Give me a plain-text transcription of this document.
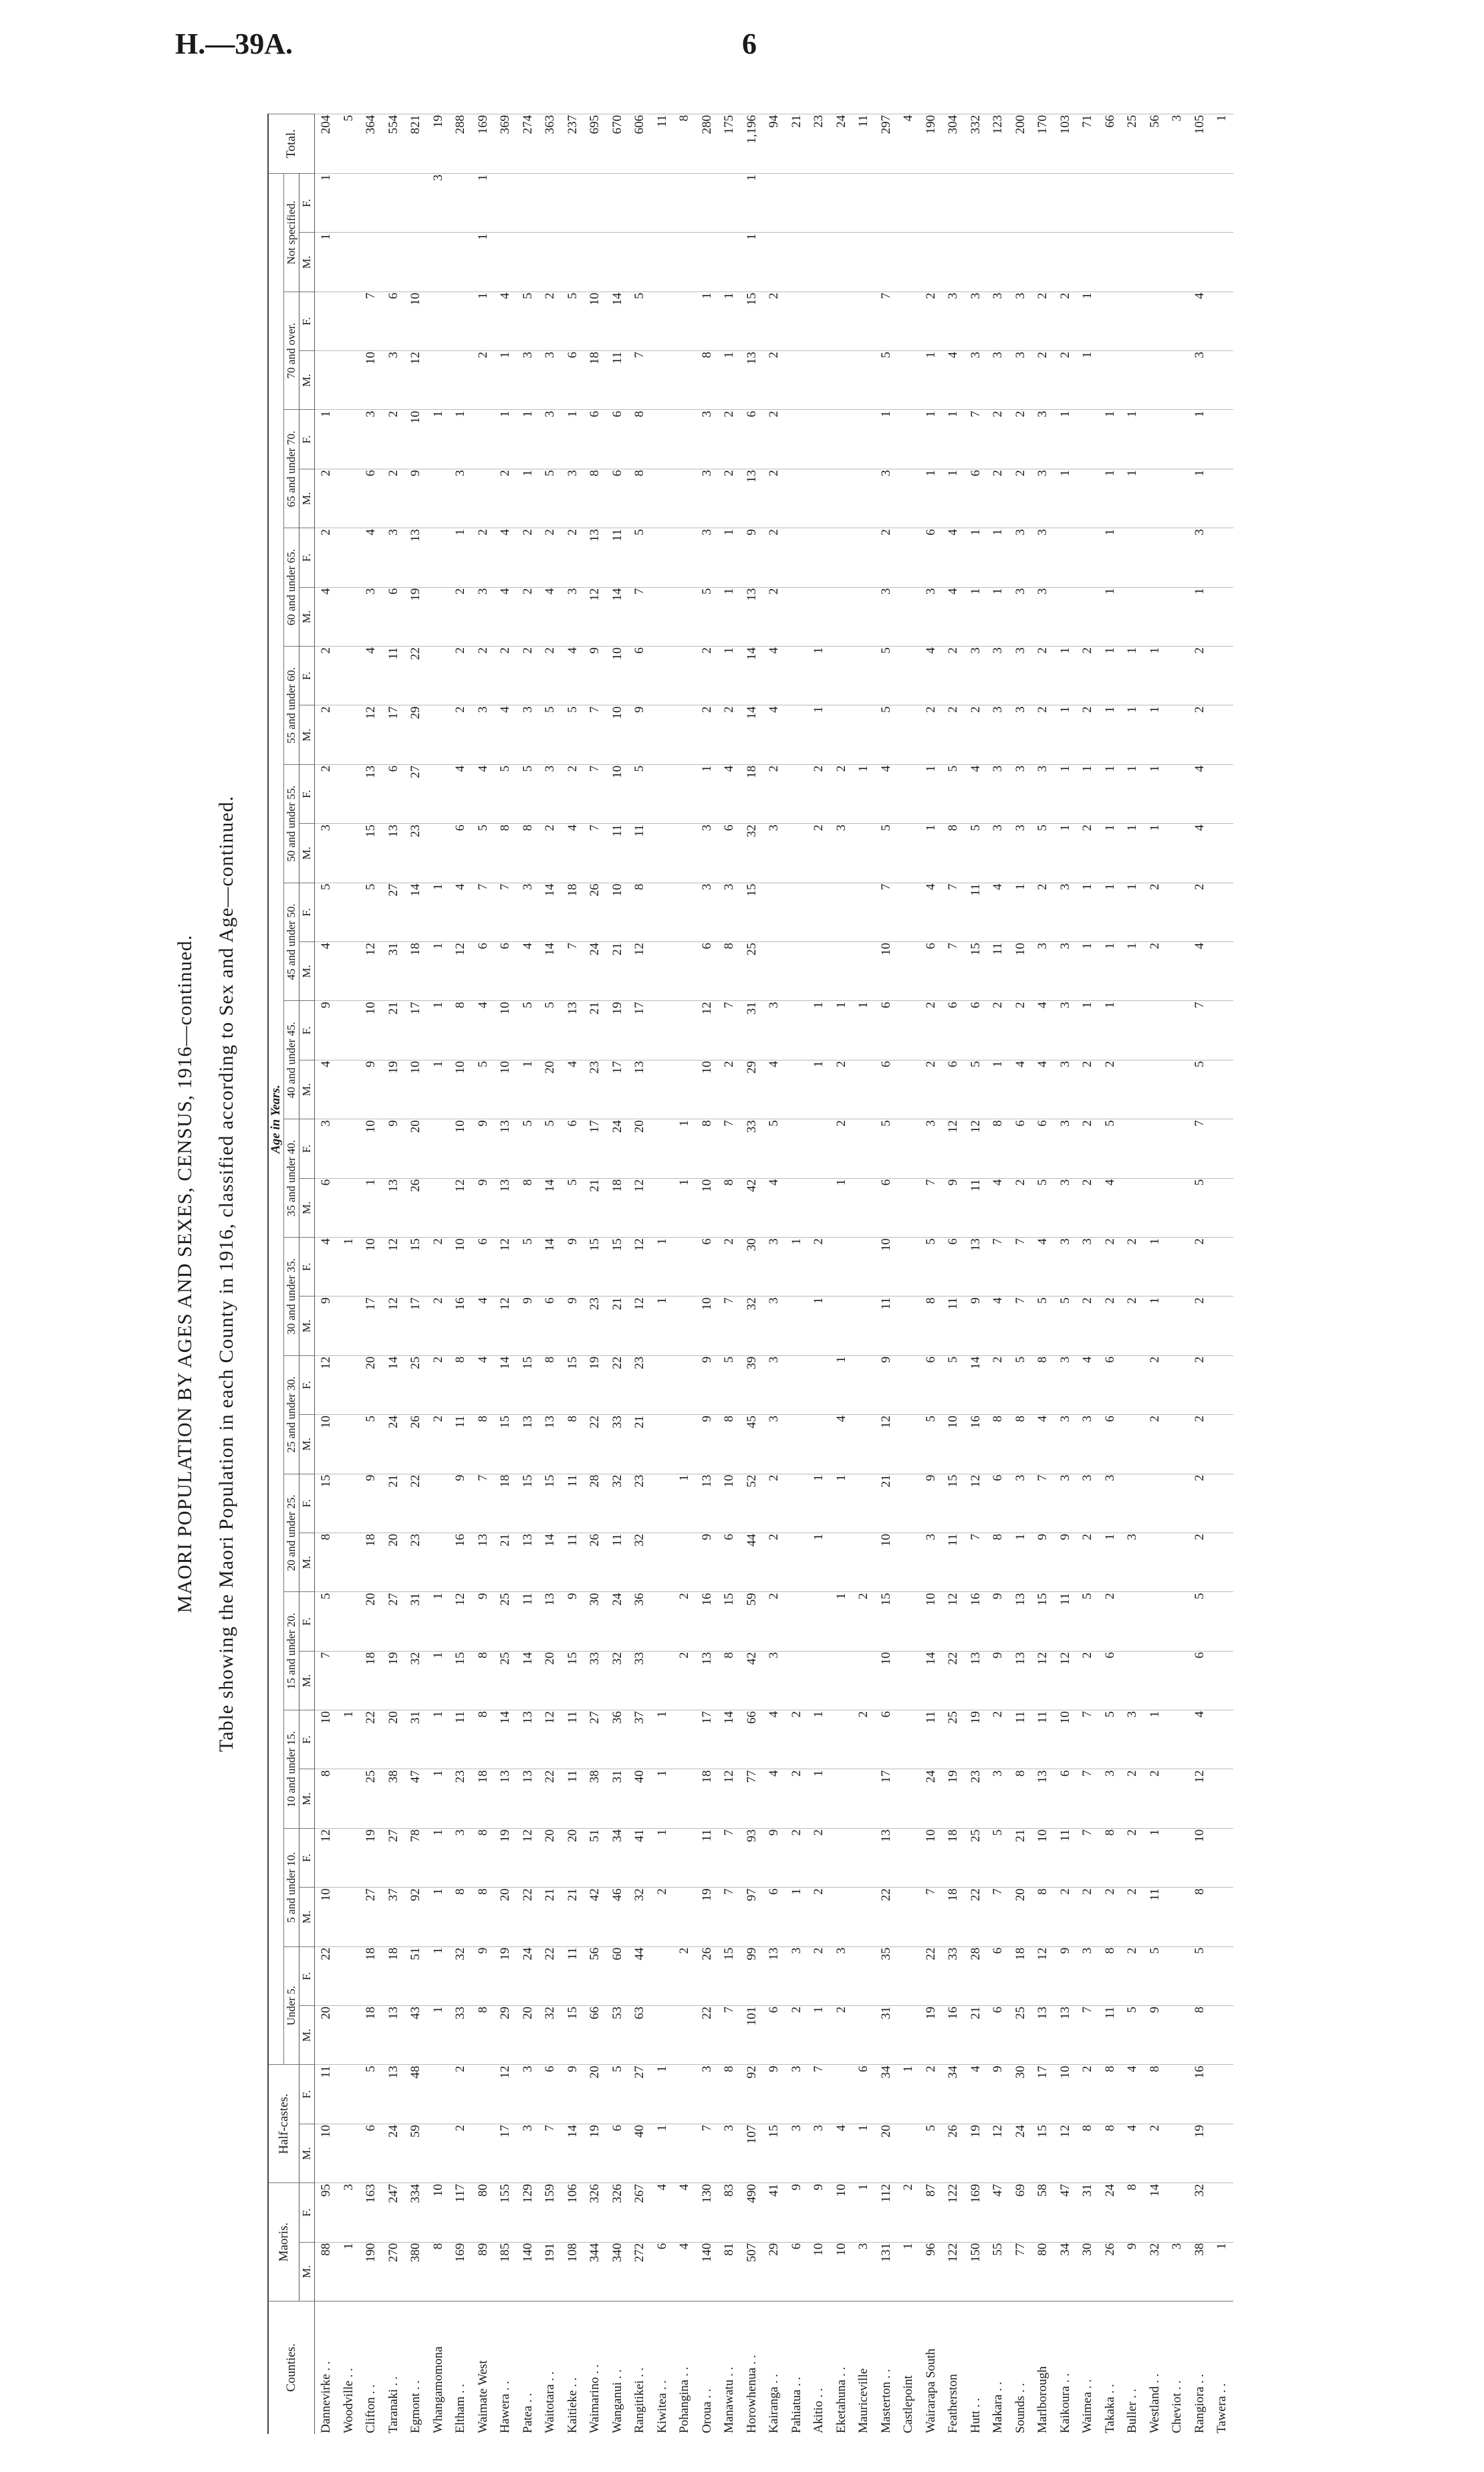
H.—39A.	6
MAORI POPULATION BY AGES AND SEXES, CENSUS, 1916—continued. Table showing the Maori Population in each County in 1916, classified according to Sex and Age—continued.
Counties.	Maoris.		Half-castes.		Age in Years.																																Total.
					Under 5.		5 and under 10.		10 and under 15.		15 and under 20.		20 and under 25.		25 and under 30.		30 and under 35.		35 and under 40.		40 and under 45.		45 and under 50.		50 and under 55.		55 and under 60.		60 and under 65.		65 and under 70.		70 and over.		Not specified.		
	M.	F.	M.	F.	M.	F.	M.	F.	M.	F.	M.	F.	M.	F.	M.	F.	M.	F.	M.	F.	M.	F.	M.	F.	M.	F.	M.	F.	M.	F.	M.	F.	M.	F.	M.	F.	
Dannevirke . .	88	95	10	11	20	22	10	12	8	10	7	5	8	15	10	12	9	4	6	3	4	9	4	5	3	2	2	2	4	2	2	1			1	1	204
Woodville . .	1	3								1								1																			5
Clifton . .	190	163	6	5	18	18	27	19	25	22	18	20	18	9	5	20	17	10	1	10	9	10	12	5	15	13	12	4	3	4	6	3	10	7			364
Taranaki . .	270	247	24	13	13	18	37	27	38	20	19	27	20	21	24	14	12	12	13	9	19	21	31	27	13	6	17	11	6	3	2	2	3	6			554
Egmont . .	380	334	59	48	43	51	92	78	47	31	32	31	23	22	26	25	17	15	26	20	10	17	18	14	23	27	29	22	19	13	9	10	12	10			821
Whangamomona	8	10			1	1	1	1	1	1	1	1			2	2	2	2			1	1	1	1								1				3	19
Eltham . .	169	117	2	2	33	32	8	3	23	11	15	12	16	9	11	8	16	10	12	10	10	8	12	4	6	4	2	2	2	1	3	1					288
Waimate West	89	80			8	9	8	8	18	8	8	9	13	7	8	4	4	6	9	9	5	4	6	7	5	4	3	2	3	2			2	1	1	1	169
Hawera . .	185	155	17	12	29	19	20	19	13	14	25	25	21	18	15	14	12	12	13	13	10	10	6	7	8	5	4	2	4	4	2	1	1	4			369
Patea . .	140	129	3	3	20	24	22	12	13	13	14	11	13	15	13	15	9	5	8	5	1	5	4	3	8	5	3	2	2	2	1	1	3	5			274
Waitotara . .	191	159	7	6	32	22	21	20	22	12	20	13	14	15	13	8	6	14	14	5	20	5	14	14	2	3	5	2	4	2	5	3	3	2			363
Kaitieke . .	108	106	14	9	15	11	21	20	11	11	15	9	11	11	8	15	9	9	5	6	4	13	7	18	4	2	5	4	3	2	3	1	6	5			237
Waimarino . .	344	326	19	20	66	56	42	51	38	27	33	30	26	28	22	19	23	15	21	17	23	21	24	26	7	7	7	9	12	13	8	6	18	10			695
Wanganui . .	340	326	6	5	53	60	46	34	31	36	32	24	11	32	33	22	21	15	18	24	17	19	21	10	11	10	10	10	14	11	6	6	11	14			670
Rangitikei . .	272	267	40	27	63	44	32	41	40	37	33	36	32	23	21	23	12	12	12	20	13	17	12	8	11	5	9	6	7	5	8	8	7	5			606
Kiwitea . .	6	4	1	1			2	1	1	1							1	1																			11
Pohangina . .	4	4				2					2	2		1					1	1																	8
Oroua . .	140	130	7	3	22	26	19	11	18	17	13	16	9	13	9	9	10	6	10	8	10	12	6	3	3	1	2	2	5	3	3	3	8	1			280
Manawatu . .	81	83	3	8	7	15	7	7	12	14	8	15	6	10	8	5	7	2	8	7	2	7	8	3	6	4	2	1	1	1	2	2	1	1			175
Horowhenua . .	507	490	107	92	101	99	97	93	77	66	42	59	44	52	45	39	32	30	42	33	29	31	25	15	32	18	14	14	13	9	13	6	13	15	1	1	1,196
Kairanga . .	29	41	15	9	6	13	6	9	4	4	3	2	2	2	3	3	3	3	4	5	4	3			3	2	4	4	2	2	2	2	2	2			94
Pahiatua . .	6	9	3	3	2	3	1	2	2	2								1																			21
Akitio . .	10	9	3	7	1	2	2	2	1	1			1	1			1	2			1	1			2	2	1	1									23
Eketahuna . .	10	10	4		2	3						1		1	4	1			1	2	2	1			3	2											24
Mauriceville	3	1	1	6						2		2										1				1											11
Masterton . .	131	112	20	34	31	35	22	13	17	6	10	15	10	21	12	9	11	10	6	5	6	6	10	7	5	4	5	5	3	2	3	1	5	7			297
Castlepoint	1	2		1																																	4
Wairarapa South	96	87	5	2	19	22	7	10	24	11	14	10	3	9	5	6	8	5	7	3	2	2	6	4	1	1	2	4	3	6	1	1	1	2			190
Featherston	122	122	26	34	16	33	18	18	19	25	22	12	11	15	10	5	11	6	9	12	6	6	7	7	8	5	2	2	4	4	1	1	4	3			304
Hutt . .	150	169	19	4	21	28	22	25	23	19	13	16	7	12	16	14	9	13	11	12	5	6	15	11	5	4	2	3	1	1	6	7	3	3			332
Makara . .	55	47	12	9	6	6	7	5	3	2	9	9	8	6	8	2	4	7	4	8	1	2	11	4	3	3	3	3	1	1	2	2	3	3			123
Sounds . .	77	69	24	30	25	18	20	21	8	11	13	13	1	3	8	5	7	7	2	6	4	2	10	1	3	3	3	3	3	3	2	2	3	3			200
Marlborough	80	58	15	17	13	12	8	10	13	11	12	15	9	7	4	8	5	4	5	6	4	4	3	2	5	3	2	2	3	3	3	3	2	2			170
Kaikoura . .	34	47	12	10	13	9	2	11	6	10	12	11	9	3	3	3	5	3	3	3	3	3	3	3	1	1	1	1			1	1	2	2			103
Waimea . .	30	31	8	2	7	3	2	7	7	7	2	5	2	3	3	4	2	3	2	2	2	1	1	1	2	1	2	2					1	1			71
Takaka . .	26	24	8	8	11	8	2	8	3	5	6	2	1	3	6	6	2	2	4	5	2	1	1	1	1	1	1	1	1	1	1	1					66
Buller . .	9	8	4	4	5	2	2	2	2	3			3				2	2					1	1	1	1	1	1			1	1					25
Westland . .	32	14	2	8	9	5	11	1	2	1					2	2	1	1					2	2	1	1	1	1									56
Cheviot . .	3																																				3
Rangiora . .	38	32	19	16	8	5	8	10	12	4	6	5	2	2	2	2	2	2	5	7	5	7	4	2	4	4	2	2	1	3	1	1	3	4			105
Tawera . .	1																																				1
